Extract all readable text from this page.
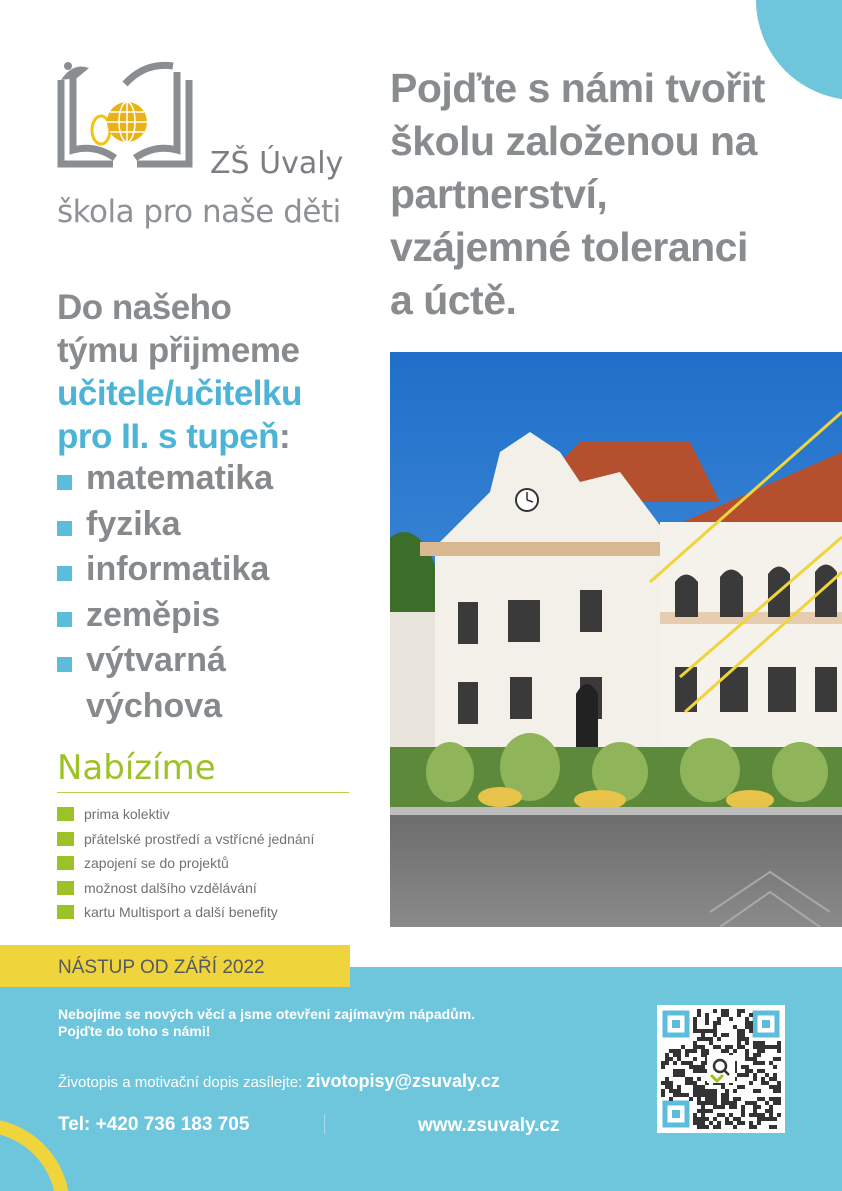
ZŠ Úvaly
škola pro naše děti
Pojďte s námi tvořit
školu založenou na
partnerství,
vzájemné toleranci
a úctě.
Do našeho
týmu přijmeme
učitele/učitelku
pro II. s tupeň:
matematika
fyzika
informatika
zeměpis
výtvarná
výchova
Nabízíme
prima kolektiv
přátelské prostředí a vstřícné jednání
zapojení se do projektů
možnost dalšího vzdělávání
kartu Multisport a další benefity
NÁSTUP OD ZÁŘÍ 2022
Nebojíme se nových věcí a jsme otevřeni zajímavým nápadům.
Pojďte do toho s námi!
Životopis a motivační dopis zasílejte: zivotopisy@zsuvaly.cz
Tel: +420 736 183 705	www.zsuvaly.cz
